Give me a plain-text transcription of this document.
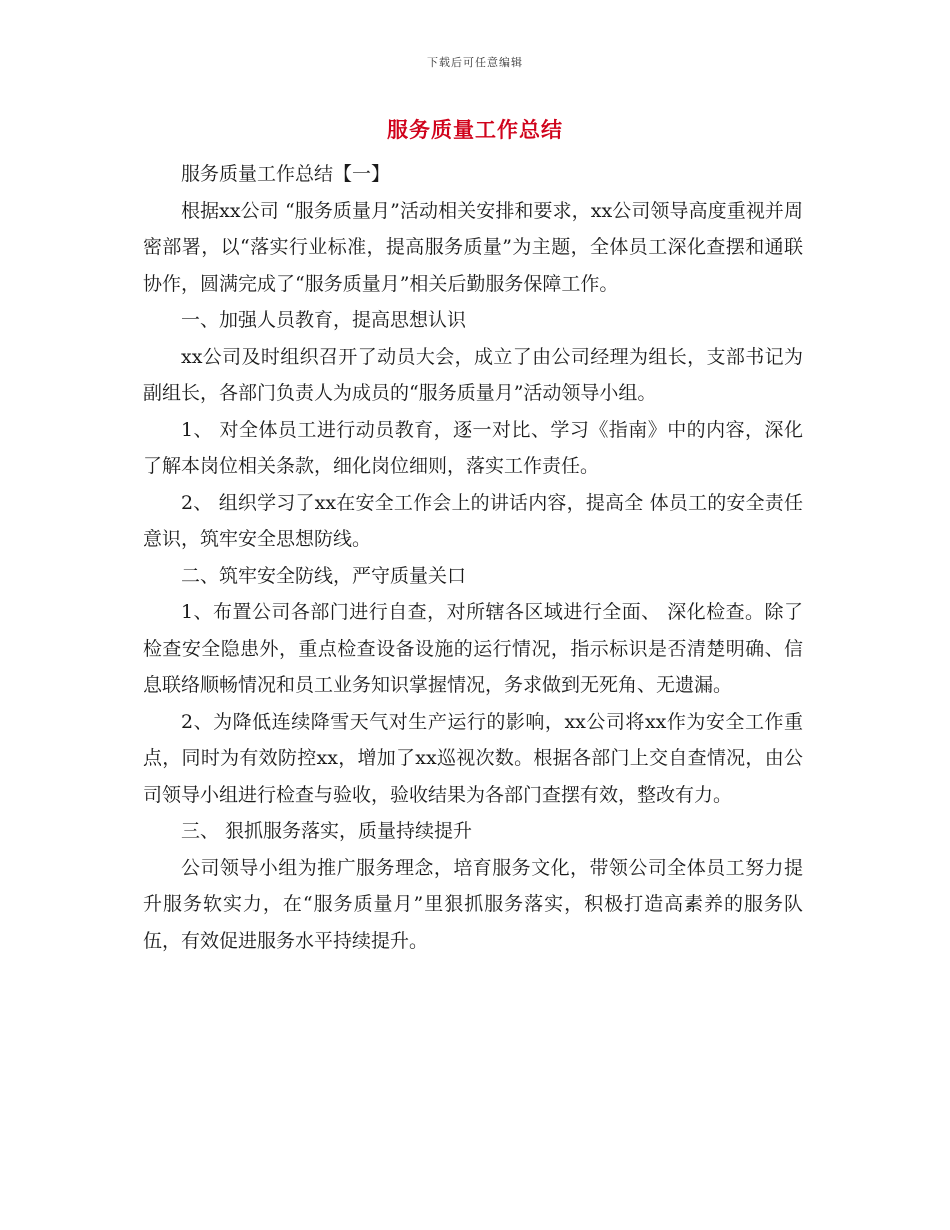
下载后可任意编辑
服务质量工作总结

服务质量工作总结【一】

根据xx公司 “服务质量月”活动相关安排和要求，xx公司领导高度重视并周密部署，以“落实行业标准，提高服务质量”为主题，全体员工深化查摆和通联协作，圆满完成了“服务质量月”相关后勤服务保障工作。

一、加强人员教育，提高思想认识

xx公司及时组织召开了动员大会，成立了由公司经理为组长，支部书记为副组长，各部门负责人为成员的“服务质量月”活动领导小组。

1、 对全体员工进行动员教育，逐一对比、学习《指南》中的内容，深化了解本岗位相关条款，细化岗位细则，落实工作责任。

2、 组织学习了xx在安全工作会上的讲话内容，提高全 体员工的安全责任意识，筑牢安全思想防线。

二、筑牢安全防线，严守质量关口

1、布置公司各部门进行自查，对所辖各区域进行全面、 深化检查。除了检查安全隐患外，重点检查设备设施的运行情况，指示标识是否清楚明确、信息联络顺畅情况和员工业务知识掌握情况，务求做到无死角、无遗漏。

2、为降低连续降雪天气对生产运行的影响，xx公司将xx作为安全工作重点，同时为有效防控xx，增加了xx巡视次数。根据各部门上交自查情况，由公司领导小组进行检查与验收，验收结果为各部门查摆有效，整改有力。

三、 狠抓服务落实，质量持续提升

公司领导小组为推广服务理念，培育服务文化，带领公司全体员工努力提升服务软实力，在“服务质量月”里狠抓服务落实，积极打造高素养的服务队伍，有效促进服务水平持续提升。
